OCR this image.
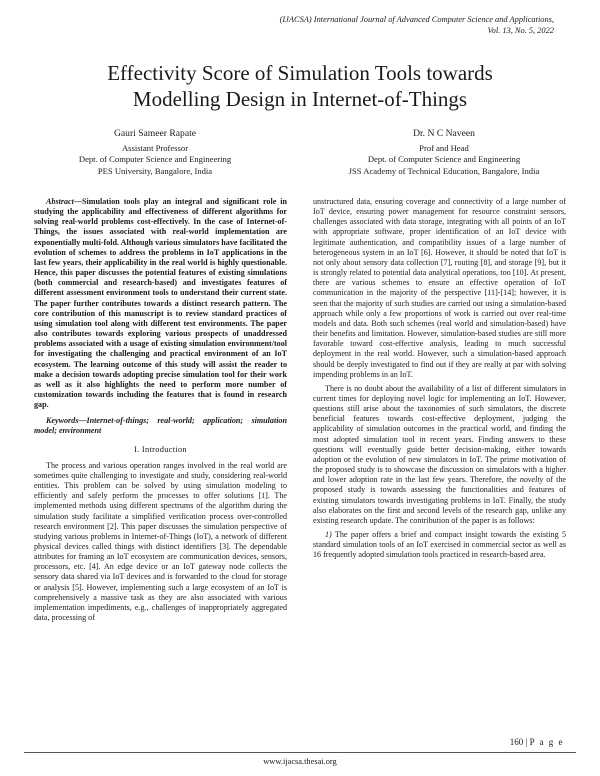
(IJACSA) International Journal of Advanced Computer Science and Applications,
Vol. 13, No. 5, 2022
Effectivity Score of Simulation Tools towards
Modelling Design in Internet-of-Things
Gauri Sameer Rapate
Assistant Professor
Dept. of Computer Science and Engineering
PES University, Bangalore, India
Dr. N C Naveen
Prof and Head
Dept. of Computer Science and Engineering
JSS Academy of Technical Education, Bangalore, India

Abstract—Simulation tools play an integral and significant role in studying the applicability and effectiveness of different algorithms for solving real-world problems cost-effectively. In the case of Internet-of-Things, the issues associated with real-world implementation are exponentially multi-fold. Although various simulators have facilitated the evolution of schemes to address the problems in IoT applications in the last few years, their applicability in the real world is highly questionable. Hence, this paper discusses the potential features of existing simulations (both commercial and research-based) and investigates features of different assessment environment tools to understand their current state. The paper further contributes towards a distinct research pattern. The core contribution of this manuscript is to review standard practices of using simulation tool along with different test environments. The paper also contributes towards exploring various prospects of unaddressed problems associated with a usage of existing simulation environment/tool for investigating the challenging and practical environment of an IoT ecosystem. The learning outcome of this study will assist the reader to make a decision towards adopting precise simulation tool for their work as well as it also highlights the need to perform more number of customization towards including the features that is found in research gap.

Keywords—Internet-of-things; real-world; application; simulation model; environment

I. Introduction

The process and various operation ranges involved in the real world are sometimes quite challenging to investigate and study, considering real-world entities. This problem can be solved by using simulation modeling to efficiently and safely perform the processes to offer solutions [1]. The implemented methods using different spectrums of the algorithm during the simulation study facilitate a simplified verification process over-controlled research environment [2]. This paper discusses the simulation perspective of studying various problems in Internet-of-Things (IoT), a network of different physical devices called things with distinct identifiers [3]. The dependable attributes for framing an IoT ecosystem are communication devices, sensors, processors, etc. [4]. An edge device or an IoT gateway node collects the sensory data shared via IoT devices and is forwarded to the cloud for storage or analysis [5]. However, implementing such a large ecosystem of an IoT is comprehensively a massive task as they are also associated with various implementation impediments, e.g., challenges of inappropriately aggregated data, processing of

unstructured data, ensuring coverage and connectivity of a large number of IoT device, ensuring power management for resource constraint sensors, challenges associated with data storage, integrating with all points of an IoT with appropriate software, proper identification of an IoT device with legitimate authentication, and compatibility issues of a large number of heterogeneous system in an IoT [6]. However, it should be noted that IoT is not only about sensory data collection [7], routing [8], and storage [9], but it is strongly related to potential data analytical operations, too [10]. At present, there are various schemes to ensure an effective operation of IoT communication in the majority of the perspective [11]-[14]; however, it is seen that the majority of such studies are carried out using a simulation-based approach while only a few proportions of work is carried out over real-time models and data. Both such schemes (real world and simulation-based) have their benefits and limitation. However, simulation-based studies are still more favorable toward cost-effective analysis, leading to much successful deployment in the real world. However, such a simulation-based approach should be deeply investigated to find out if they are really at par with solving impending problems in an IoT.

There is no doubt about the availability of a list of different simulators in current times for deploying novel logic for implementing an IoT. However, questions still arise about the taxonomies of such simulators, the discrete beneficial features towards cost-effective deployment, judging the applicability of simulation outcomes in the practical world, and finding the most adopted simulation tool in recent years. Finding answers to these questions will eventually guide better decision-making, either towards adoption or the evolution of new simulators in IoT. The prime motivation of the proposed study is to showcase the discussion on simulators with a higher and lower adoption rate in the last few years. Therefore, the novelty of the proposed study is towards assessing the functionalities and features of existing simulators towards investigating problems in IoT. Finally, the study also elaborates on the first and second levels of the research gap, unlike any existing research update. The contribution of the paper is as follows:

1) The paper offers a brief and compact insight towards the existing 5 standard simulation tools of an IoT exercised in commercial sector as well as 16 frequently adopted simulation tools practiced in research-based area.

160 | P a g e
www.ijacsa.thesai.org
